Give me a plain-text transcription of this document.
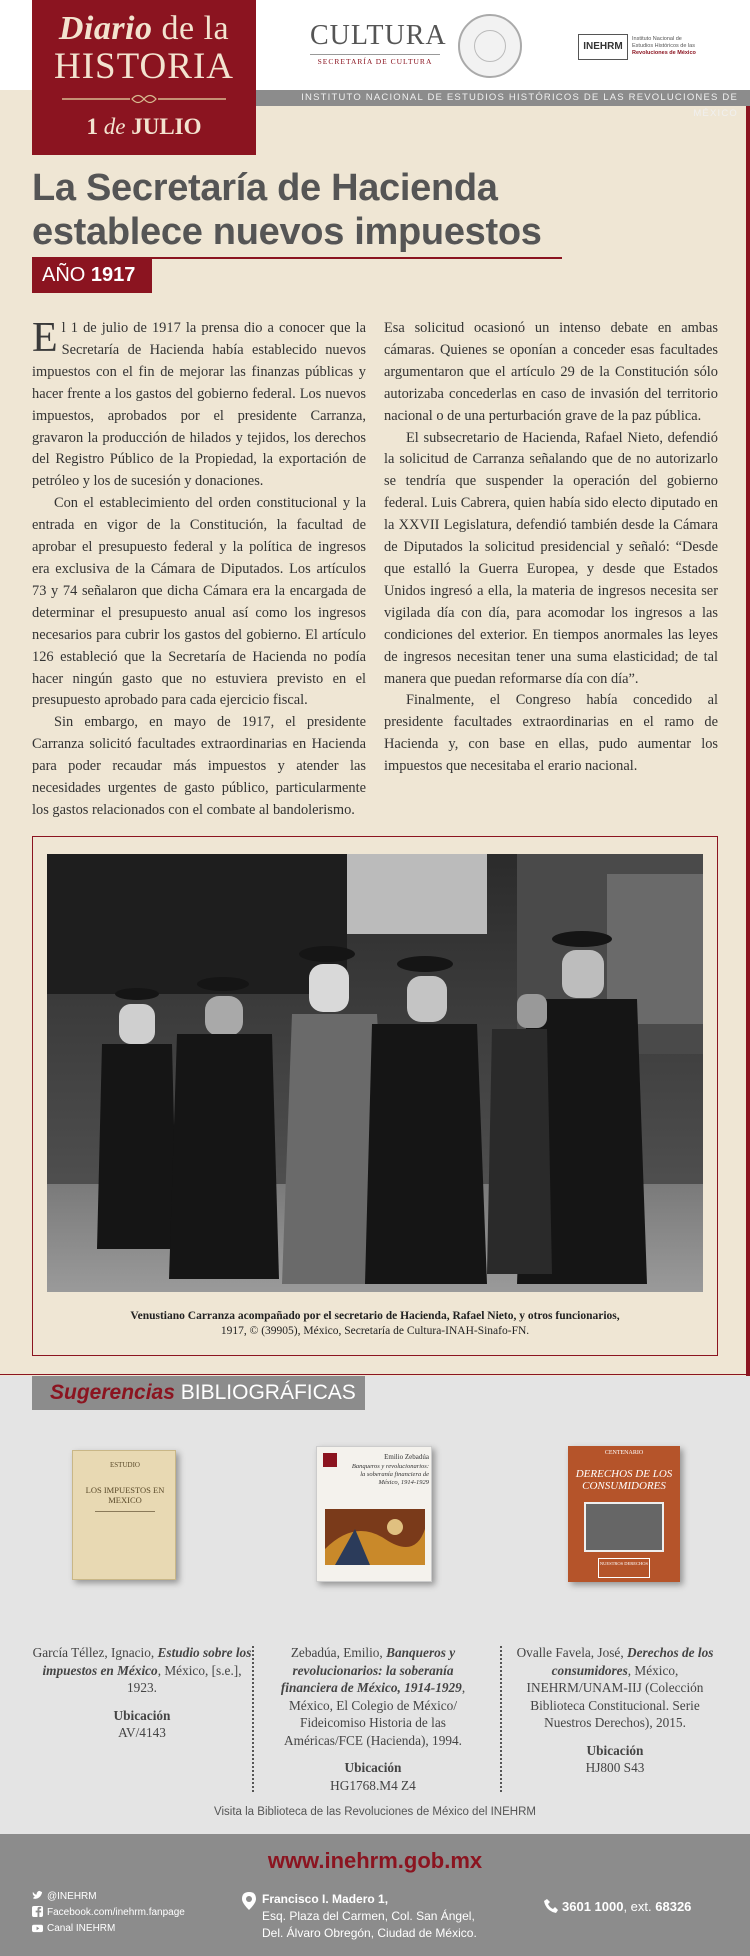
Diario de la
HISTORIA
1 de JULIO
CULTURA
SECRETARÍA DE CULTURA
INEHRM
Instituto Nacional de
Estudios Históricos de las
Revoluciones de México
INSTITUTO NACIONAL DE ESTUDIOS HISTÓRICOS DE LAS REVOLUCIONES DE MÉXICO
La Secretaría de Hacienda
establece nuevos impuestos
AÑO 1917

El 1 de julio de 1917 la prensa dio a conocer que la Secretaría de Hacienda había establecido nuevos impuestos con el fin de mejorar las finanzas públicas y hacer frente a los gastos del gobierno federal. Los nuevos impuestos, aprobados por el presidente Carranza, gravaron la producción de hilados y tejidos, los derechos del Registro Público de la Propiedad, la exportación de petróleo y los de sucesión y donaciones.

Con el establecimiento del orden constitucional y la entrada en vigor de la Constitución, la facultad de aprobar el presupuesto federal y la política de ingresos era exclusiva de la Cámara de Diputados. Los artículos 73 y 74 señalaron que dicha Cámara era la encargada de determinar el presupuesto anual así como los ingresos necesarios para cubrir los gastos del gobierno. El artículo 126 estableció que la Secretaría de Hacienda no podía hacer ningún gasto que no estuviera previsto en el presupuesto aprobado para cada ejercicio fiscal.

Sin embargo, en mayo de 1917, el presidente Carranza solicitó facultades extraordinarias en Hacienda para poder recaudar más impuestos y atender las necesidades urgentes de gasto público, particularmente los gastos relacionados con el combate al bandolerismo.

Esa solicitud ocasionó un intenso debate en ambas cámaras. Quienes se oponían a conceder esas facultades argumentaron que el artículo 29 de la Constitución sólo autorizaba concederlas en caso de invasión del territorio nacional o de una perturbación grave de la paz pública.

El subsecretario de Hacienda, Rafael Nieto, defendió la solicitud de Carranza señalando que de no autorizarlo se tendría que suspender la operación del gobierno federal. Luis Cabrera, quien había sido electo diputado en la XXVII Legislatura, defendió también desde la Cámara de Diputados la solicitud presidencial y señaló: “Desde que estalló la Guerra Europea, y desde que Estados Unidos ingresó a ella, la materia de ingresos necesita ser vigilada día con día, para acomodar los ingresos a las condiciones del exterior. En tiempos anormales las leyes de ingresos necesitan tener una suma elasticidad; de tal manera que puedan reformarse día con día”.

Finalmente, el Congreso había concedido al presidente facultades extraordinarias en el ramo de Hacienda y, con base en ellas, pudo aumentar los impuestos que necesitaba el erario nacional.

Venustiano Carranza acompañado por el secretario de Hacienda, Rafael Nieto, y otros funcionarios,
1917, © (39905), México, Secretaría de Cultura-INAH-Sinafo-FN.
Sugerencias BIBLIOGRÁFICAS
ESTUDIO
LOS IMPUESTOS EN MEXICO
Emilio Zebadúa
Banqueros y revolucionarios: la soberanía financiera de México, 1914-1929
CENTENARIO
DERECHOS DE LOS CONSUMIDORES
NUESTROS DERECHOS
García Téllez, Ignacio, Estudio sobre los impuestos en México, México, [s.e.], 1923.
Ubicación
AV/4143
Zebadúa, Emilio, Banqueros y revolucionarios: la soberanía financiera de México, 1914-1929, México, El Colegio de México/ Fideicomiso Historia de las Américas/FCE (Hacienda), 1994.
Ubicación
HG1768.M4 Z4
Ovalle Favela, José, Derechos de los consumidores, México, INEHRM/UNAM-IIJ (Colección Biblioteca Constitucional. Serie Nuestros Derechos), 2015.
Ubicación
HJ800 S43
Visita la Biblioteca de las Revoluciones de México del INEHRM
www.inehrm.gob.mx
@INEHRM
Facebook.com/inehrm.fanpage
Canal INEHRM
Francisco I. Madero 1,
Esq. Plaza del Carmen, Col. San Ángel,
Del. Álvaro Obregón, Ciudad de México.
3601 1000, ext. 68326
